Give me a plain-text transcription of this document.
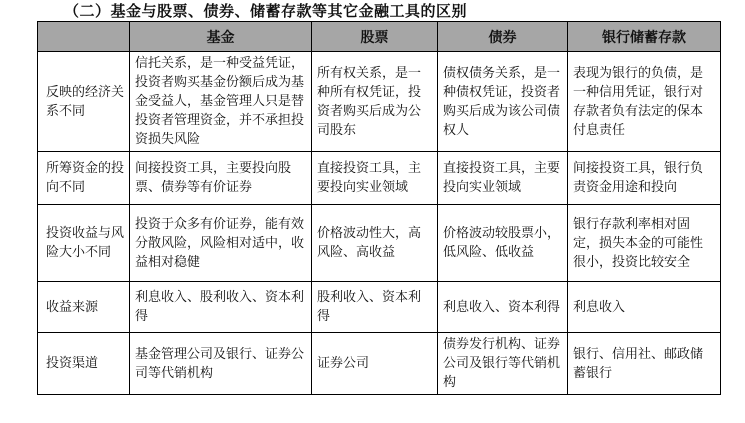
（二）基金与股票、债券、储蓄存款等其它金融工具的区别
	基金	股票	债券	银行储蓄存款
反映的经济关系不同	信托关系，是一种受益凭证，投资者购买基金份额后成为基金受益人，基金管理人只是替投资者管理资金，并不承担投资损失风险	所有权关系，是一种所有权凭证，投资者购买后成为公司股东	债权债务关系，是一种债权凭证，投资者购买后成为该公司债权人	表现为银行的负债，是一种信用凭证，银行对存款者负有法定的保本付息责任
所筹资金的投向不同	间接投资工具，主要投向股票、债券等有价证券	直接投资工具，主要投向实业领域	直接投资工具，主要投向实业领域	间接投资工具，银行负责资金用途和投向
投资收益与风险大小不同	投资于众多有价证券，能有效分散风险，风险相对适中，收益相对稳健	价格波动性大，高风险、高收益	价格波动较股票小，低风险、低收益	银行存款利率相对固定，损失本金的可能性很小，投资比较安全
收益来源	利息收入、股利收入、资本利得	股利收入、资本利得	利息收入、资本利得	利息收入
投资渠道	基金管理公司及银行、证券公司等代销机构	证券公司	债券发行机构、证券公司及银行等代销机构	银行、信用社、邮政储蓄银行
